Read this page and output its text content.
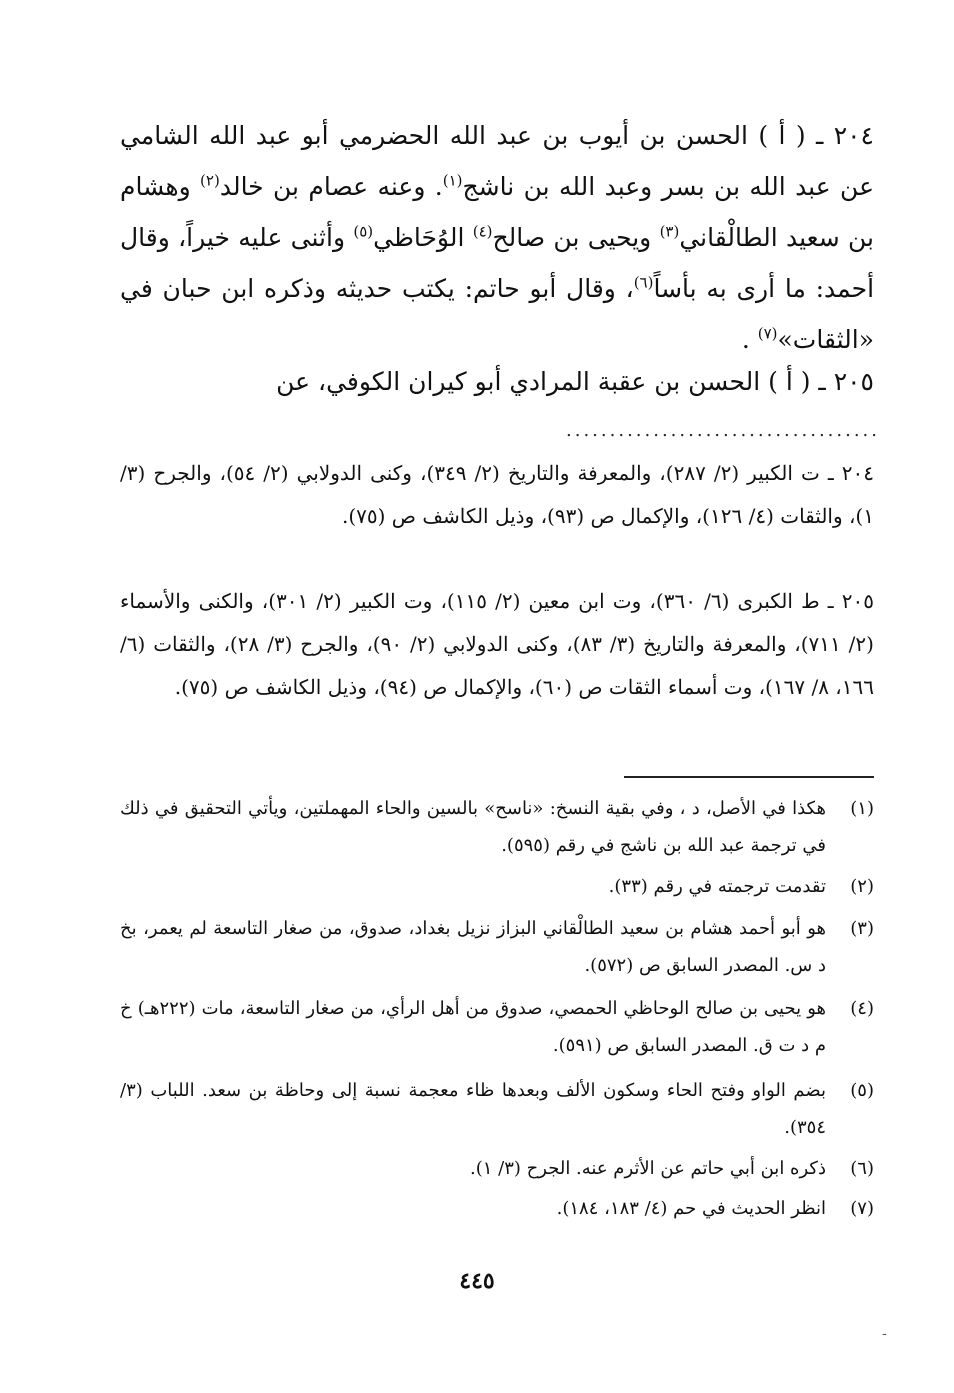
٢٠٤ ـ ( أ ) الحسن بن أيوب بن عبد الله الحضرمي أبو عبد الله الشامي عن عبد الله بن بسر وعبد الله بن ناشج$^{(١)}$. وعنه عصام بن خالد$^{(٢)}$ وهشام بن سعيد الطالْقاني$^{(٣)}$ ويحيى بن صالح$^{(٤)}$ الوُحَاظي$^{(٥)}$ وأثنى عليه خيراً، وقال أحمد: ما أرى به بأساً$^{(٦)}$، وقال أبو حاتم: يكتب حديثه وذكره ابن حبان في «الثقات»$^{(٧)}$ .
٢٠٥ ـ ( أ ) الحسن بن عقبة المرادي أبو كيران الكوفي، عن
....................................
٢٠٤ ـ ت الكبير (٢/ ٢٨٧)، والمعرفة والتاريخ (٢/ ٣٤٩)، وكنى الدولابي (٢/ ٥٤)، والجرح (٣/ ١)، والثقات (٤/ ١٢٦)، والإكمال ص (٩٣)، وذيل الكاشف ص (٧٥).
٢٠٥ ـ ط الكبرى (٦/ ٣٦٠)، وت ابن معين (٢/ ١١٥)، وت الكبير (٢/ ٣٠١)، والكنى والأسماء (٢/ ٧١١)، والمعرفة والتاريخ (٣/ ٨٣)، وكنى الدولابي (٢/ ٩٠)، والجرح (٣/ ٢٨)، والثقات (٦/ ١٦٦، ٨/ ١٦٧)، وت أسماء الثقات ص (٦٠)، والإكمال ص (٩٤)، وذيل الكاشف ص (٧٥).
(١)
هكذا في الأصل، د ، وفي بقية النسخ: «ناسح» بالسين والحاء المهملتين، ويأتي التحقيق في ذلك في ترجمة عبد الله بن ناشج في رقم (٥٩٥).
(٢)
تقدمت ترجمته في رقم (٣٣).
(٣)
هو أبو أحمد هشام بن سعيد الطالْقاني البزاز نزيل بغداد، صدوق، من صغار التاسعة لم يعمر، بخ د س. المصدر السابق ص (٥٧٢).
(٤)
هو يحيى بن صالح الوحاظي الحمصي، صدوق من أهل الرأي، من صغار التاسعة، مات (٢٢٢هـ) خ م د ت ق. المصدر السابق ص (٥٩١).
(٥)
بضم الواو وفتح الحاء وسكون الألف وبعدها ظاء معجمة نسبة إلى وحاظة بن سعد. اللباب (٣/ ٣٥٤).
(٦)
ذكره ابن أبي حاتم عن الأثرم عنه. الجرح (٣/ ١).
(٧)
انظر الحديث في حم (٤/ ١٨٣، ١٨٤).
٤٤٥
-
